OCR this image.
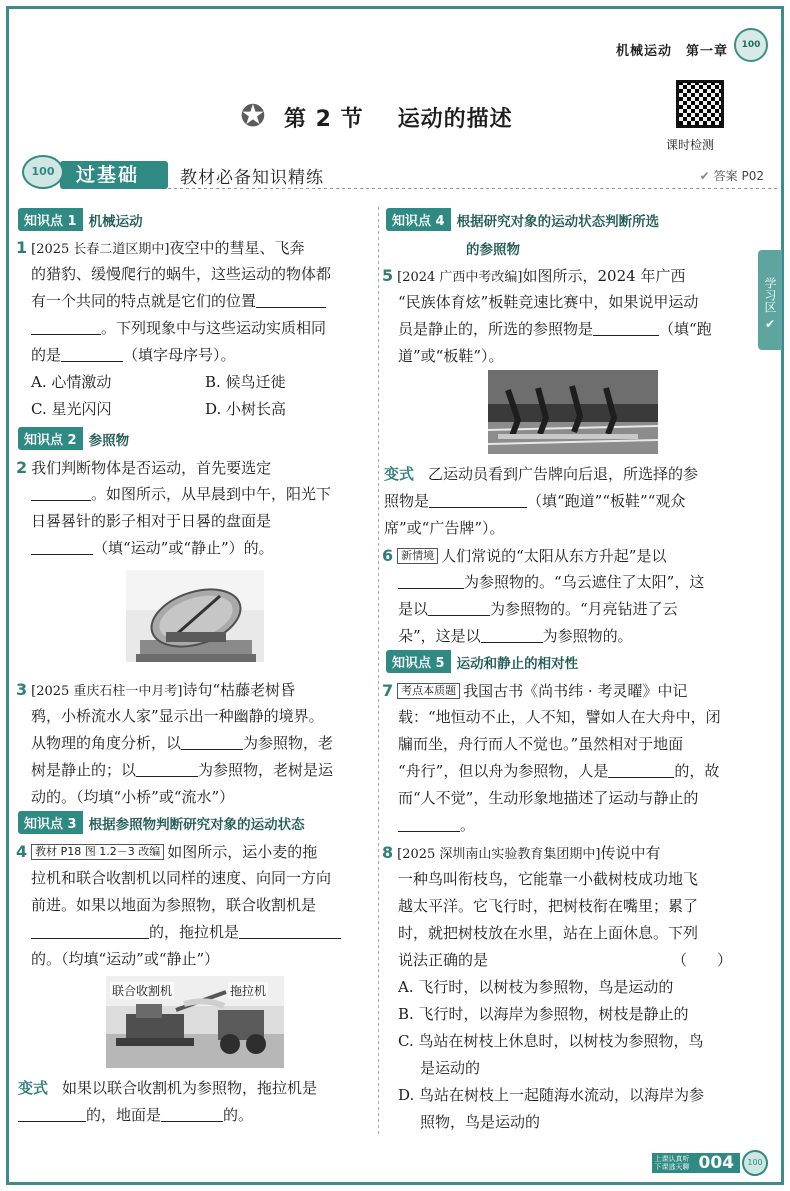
机械运动 第一章	100
✪ 第 2 节 运动的描述
课时检测
过基础
100	教材必备知识精练	✔ 答案 P02
学习区 ✔
知识点 1 机械运动
1 [2025 长春二道区期中]夜空中的彗星、飞奔
的猎豹、缓慢爬行的蜗牛，这些运动的物体都
有一个共同的特点就是它们的位置
。下列现象中与这些运动实质相同
的是	（填字母序号）。
A. 心情激动	B. 候鸟迁徙
C. 星光闪闪	D. 小树长高
知识点 2 参照物
2 我们判断物体是否运动，首先要选定
。如图所示，从早晨到中午，阳光下
日晷晷针的影子相对于日晷的盘面是
（填“运动”或“静止”）的。
3 [2025 重庆石柱一中月考]诗句“枯藤老树昏
鸦，小桥流水人家”显示出一种幽静的境界。
从物理的角度分析，以	为参照物，老
树是静止的；以	为参照物，老树是运
动的。（均填“小桥”或“流水”）
知识点 3 根据参照物判断研究对象的运动状态
4 教材 P18 图 1.2－3 改编 如图所示，运小麦的拖
拉机和联合收割机以同样的速度、向同一方向
前进。如果以地面为参照物，联合收割机是
的，拖拉机是
的。（均填“运动”或“静止”）
联合收割机	拖拉机
变式 如果以联合收割机为参照物，拖拉机是
的，地面是	的。
知识点 4 根据研究对象的运动状态判断所选
的参照物
5 [2024 广西中考改编]如图所示，2024 年广西
“民族体育炫”板鞋竞速比赛中，如果说甲运动
员是静止的，所选的参照物是	（填“跑
道”或“板鞋”）。
变式 乙运动员看到广告牌向后退，所选择的参
照物是	（填“跑道”“板鞋”“观众
席”或“广告牌”）。
6 新情境 人们常说的“太阳从东方升起”是以
为参照物的。“乌云遮住了太阳”，这
是以	为参照物的。“月亮钻进了云
朵”，这是以	为参照物的。
知识点 5 运动和静止的相对性
7 考点本质题 我国古书《尚书纬 · 考灵曜》中记
载：“地恒动不止，人不知，譬如人在大舟中，闭
牖而坐，舟行而人不觉也。”虽然相对于地面
“舟行”，但以舟为参照物，人是	的，故
而“人不觉”，生动形象地描述了运动与静止的
。
8 [2025 深圳南山实验教育集团期中]传说中有
一种鸟叫衔枝鸟，它能靠一小截树枝成功地飞
越太平洋。它飞行时，把树枝衔在嘴里；累了
时，就把树枝放在水里，站在上面休息。下列
说法正确的是	（　　）
A. 飞行时，以树枝为参照物，鸟是运动的
B. 飞行时，以海岸为参照物，树枝是静止的
C. 鸟站在树枝上休息时，以树枝为参照物，鸟
是运动的
D. 鸟站在树枝上一起随海水流动，以海岸为参
照物，鸟是运动的
上课认真听
下课逃天聊 004	100
